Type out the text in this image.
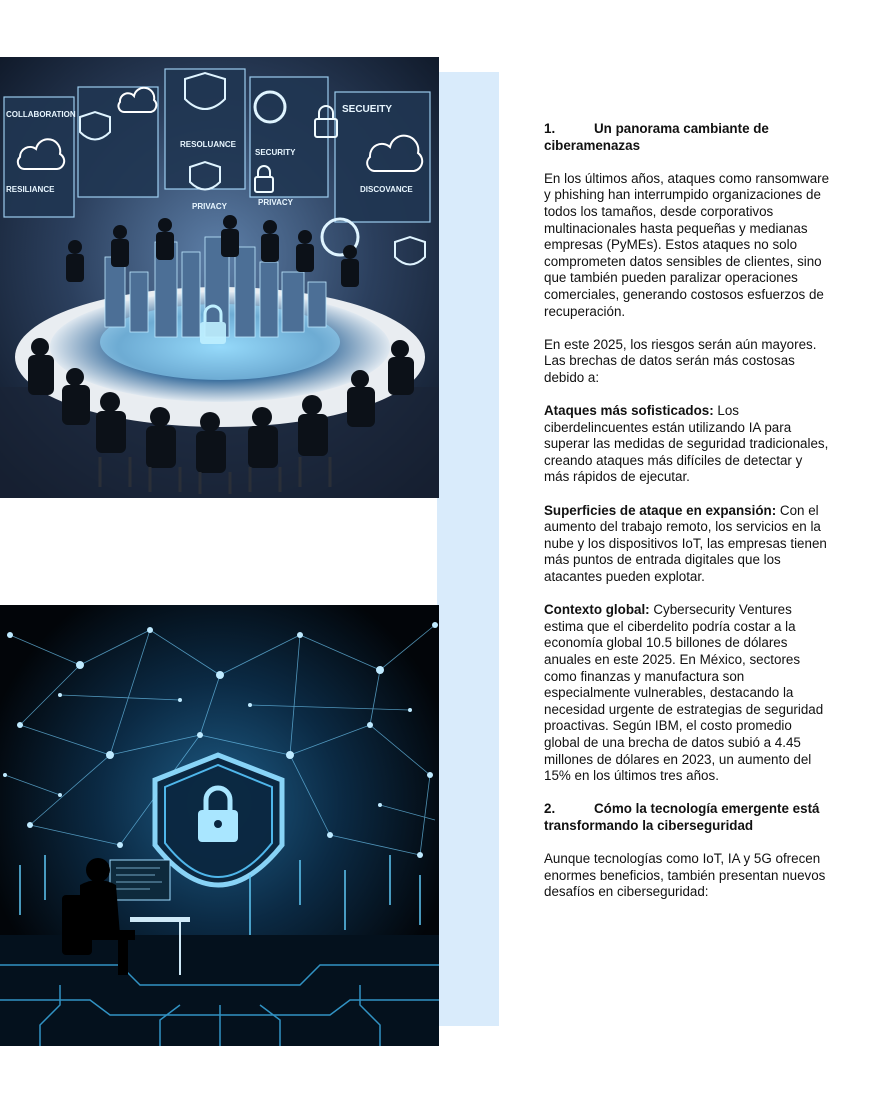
COLLABORATION	SECUEITY
RESILIANCE
PRIVACY
SECURITY
DISCOVANCE
PRIVACY
RESOLUANCE
1.	Un panorama cambiante de ciberamenazas

En los últimos años, ataques como ransomware y phishing han interrumpido organizaciones de todos los tamaños, desde corporativos multinacionales hasta pequeñas y medianas empresas (PyMEs). Estos ataques no solo comprometen datos sensibles de clientes, sino que también pueden paralizar operaciones comerciales, generando costosos esfuerzos de recuperación.

En este 2025, los riesgos serán aún mayores. Las brechas de datos serán más costosas debido a:

Ataques más sofisticados: Los ciberdelincuentes están utilizando IA para superar las medidas de seguridad tradicionales, creando ataques más difíciles de detectar y más rápidos de ejecutar.

Superficies de ataque en expansión: Con el aumento del trabajo remoto, los servicios en la nube y los dispositivos IoT, las empresas tienen más puntos de entrada digitales que los atacantes pueden explotar.

Contexto global: Cybersecurity Ventures estima que el ciberdelito podría costar a la economía global 10.5 billones de dólares anuales en este 2025. En México, sectores como finanzas y manufactura son especialmente vulnerables, destacando la necesidad urgente de estrategias de seguridad proactivas. Según IBM, el costo promedio global de una brecha de datos subió a 4.45 millones de dólares en 2023, un aumento del 15% en los últimos tres años.

2.	Cómo la tecnología emergente está transformando la ciberseguridad

Aunque tecnologías como IoT, IA y 5G ofrecen enormes beneficios, también presentan nuevos desafíos en ciberseguridad:
